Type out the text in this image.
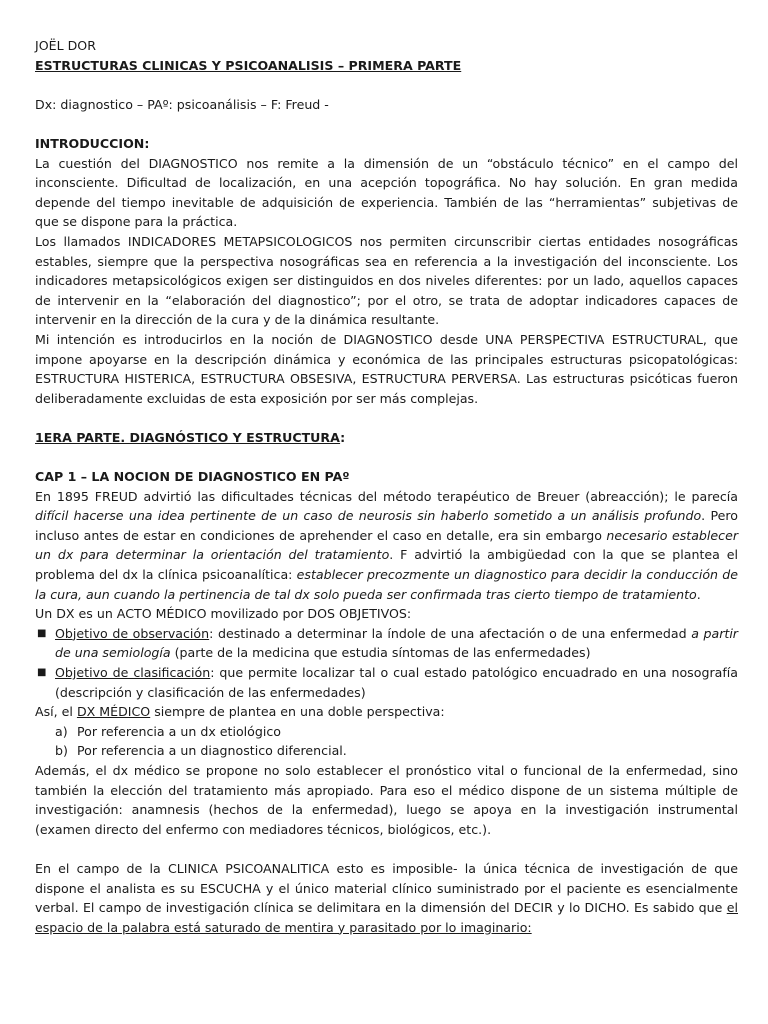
JOËL DOR

ESTRUCTURAS CLINICAS Y PSICOANALISIS – PRIMERA PARTE

Dx: diagnostico – PAº: psicoanálisis – F: Freud -

INTRODUCCION:

La cuestión del DIAGNOSTICO nos remite a la dimensión de un “obstáculo técnico” en el campo del inconsciente. Dificultad de localización, en una acepción topográfica. No hay solución. En gran medida depende del tiempo inevitable de adquisición de experiencia. También de las “herramientas” subjetivas de que se dispone para la práctica.

Los llamados INDICADORES METAPSICOLOGICOS nos permiten circunscribir ciertas entidades nosográficas estables, siempre que la perspectiva nosográficas sea en referencia a la investigación del inconsciente. Los indicadores metapsicológicos exigen ser distinguidos en dos niveles diferentes: por un lado, aquellos capaces de intervenir en la “elaboración del diagnostico”; por el otro, se trata de adoptar indicadores capaces de intervenir en la dirección de la cura y de la dinámica resultante.

Mi intención es introducirlos en la noción de DIAGNOSTICO desde UNA PERSPECTIVA ESTRUCTURAL, que impone apoyarse en la descripción dinámica y económica de las principales estructuras psicopatológicas: ESTRUCTURA HISTERICA, ESTRUCTURA OBSESIVA, ESTRUCTURA PERVERSA. Las estructuras psicóticas fueron deliberadamente excluidas de esta exposición por ser más complejas.

1ERA PARTE. DIAGNÓSTICO Y ESTRUCTURA:

CAP 1 – LA NOCION DE DIAGNOSTICO EN PAº

En 1895 FREUD advirtió las dificultades técnicas del método terapéutico de Breuer (abreacción); le parecía difícil hacerse una idea pertinente de un caso de neurosis sin haberlo sometido a un análisis profundo. Pero incluso antes de estar en condiciones de aprehender el caso en detalle, era sin embargo necesario establecer un dx para determinar la orientación del tratamiento. F advirtió la ambigüedad con la que se plantea el problema del dx la clínica psicoanalítica: establecer precozmente un diagnostico para decidir la conducción de la cura, aun cuando la pertinencia de tal dx solo pueda ser confirmada tras cierto tiempo de tratamiento.

Un DX es un ACTO MÉDICO movilizado por DOS OBJETIVOS:

■ Objetivo de observación: destinado a determinar la índole de una afectación o de una enfermedad a partir de una semiología (parte de la medicina que estudia síntomas de las enfermedades)
■ Objetivo de clasificación: que permite localizar tal o cual estado patológico encuadrado en una nosografía (descripción y clasificación de las enfermedades)

Así, el DX MÉDICO siempre de plantea en una doble perspectiva:

a) Por referencia a un dx etiológico
b) Por referencia a un diagnostico diferencial.

Además, el dx médico se propone no solo establecer el pronóstico vital o funcional de la enfermedad, sino también la elección del tratamiento más apropiado. Para eso el médico dispone de un sistema múltiple de investigación: anamnesis (hechos de la enfermedad), luego se apoya en la investigación instrumental (examen directo del enfermo con mediadores técnicos, biológicos, etc.).

En el campo de la CLINICA PSICOANALITICA esto es imposible- la única técnica de investigación de que dispone el analista es su ESCUCHA y el único material clínico suministrado por el paciente es esencialmente verbal. El campo de investigación clínica se delimitara en la dimensión del DECIR y lo DICHO. Es sabido que el espacio de la palabra está saturado de mentira y parasitado por lo imaginario:
